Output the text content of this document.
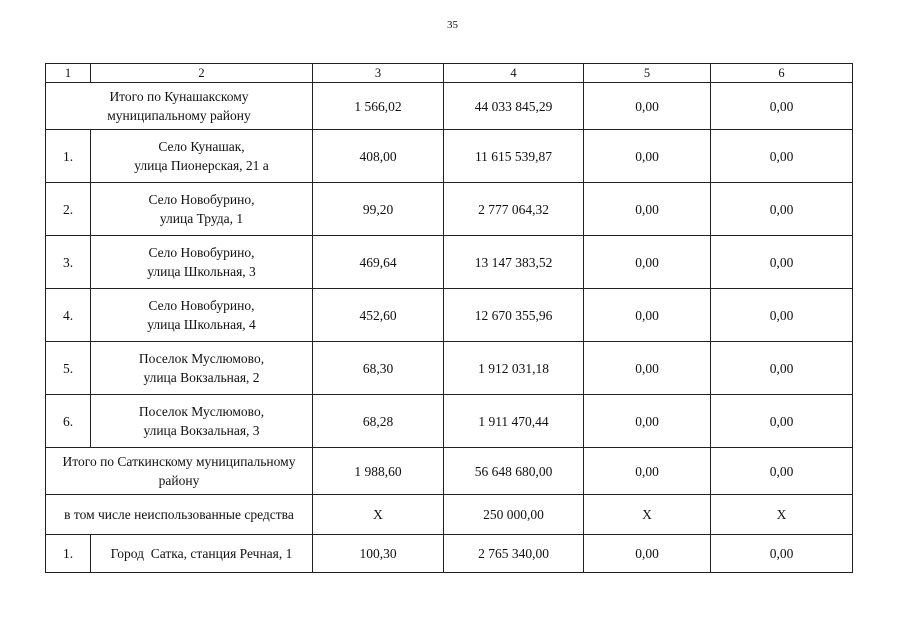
35
1	2	3	4	5	6

Итого по Кунашакскому
муниципальному району		1 566,02	44 033 845,29	0,00	0,00
1.	Село Кунашак,
улица Пионерская, 21 а	408,00	11 615 539,87	0,00	0,00
2.	Село Новобурино,
улица Труда, 1	99,20	2 777 064,32	0,00	0,00
3.	Село Новобурино,
улица Школьная, 3	469,64	13 147 383,52	0,00	0,00
4.	Село Новобурино,
улица Школьная, 4	452,60	12 670 355,96	0,00	0,00
5.	Поселок Муслюмово,
улица Вокзальная, 2	68,30	1 912 031,18	0,00	0,00
6.	Поселок Муслюмово,
улица Вокзальная, 3	68,28	1 911 470,44	0,00	0,00

Итого по Саткинскому муниципальному
району		1 988,60	56 648 680,00	0,00	0,00
в том числе неиспользованные средства		X	250 000,00	X	X
1.	Город  Сатка, станция Речная, 1	100,30	2 765 340,00	0,00	0,00
